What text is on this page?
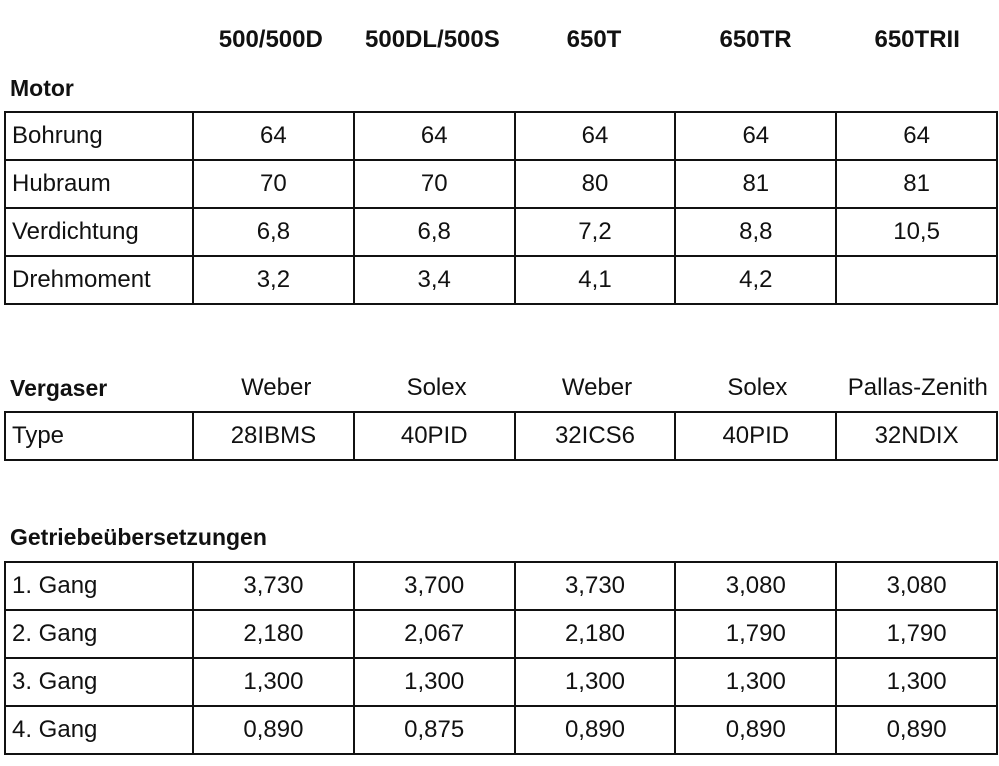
500/500D	500DL/500S	650T	650TR	650TRII
Motor
Bohrung	64	64	64	64	64
Hubraum	70	70	80	81	81
Verdichtung	6,8	6,8	7,2	8,8	10,5
Drehmoment	3,2	3,4	4,1	4,2	
Vergaser	Weber	Solex	Weber	Solex	Pallas-Zenith
Type	28IBMS	40PID	32ICS6	40PID	32NDIX
Getriebeübersetzungen
1. Gang	3,730	3,700	3,730	3,080	3,080
2. Gang	2,180	2,067	2,180	1,790	1,790
3. Gang	1,300	1,300	1,300	1,300	1,300
4. Gang	0,890	0,875	0,890	0,890	0,890
